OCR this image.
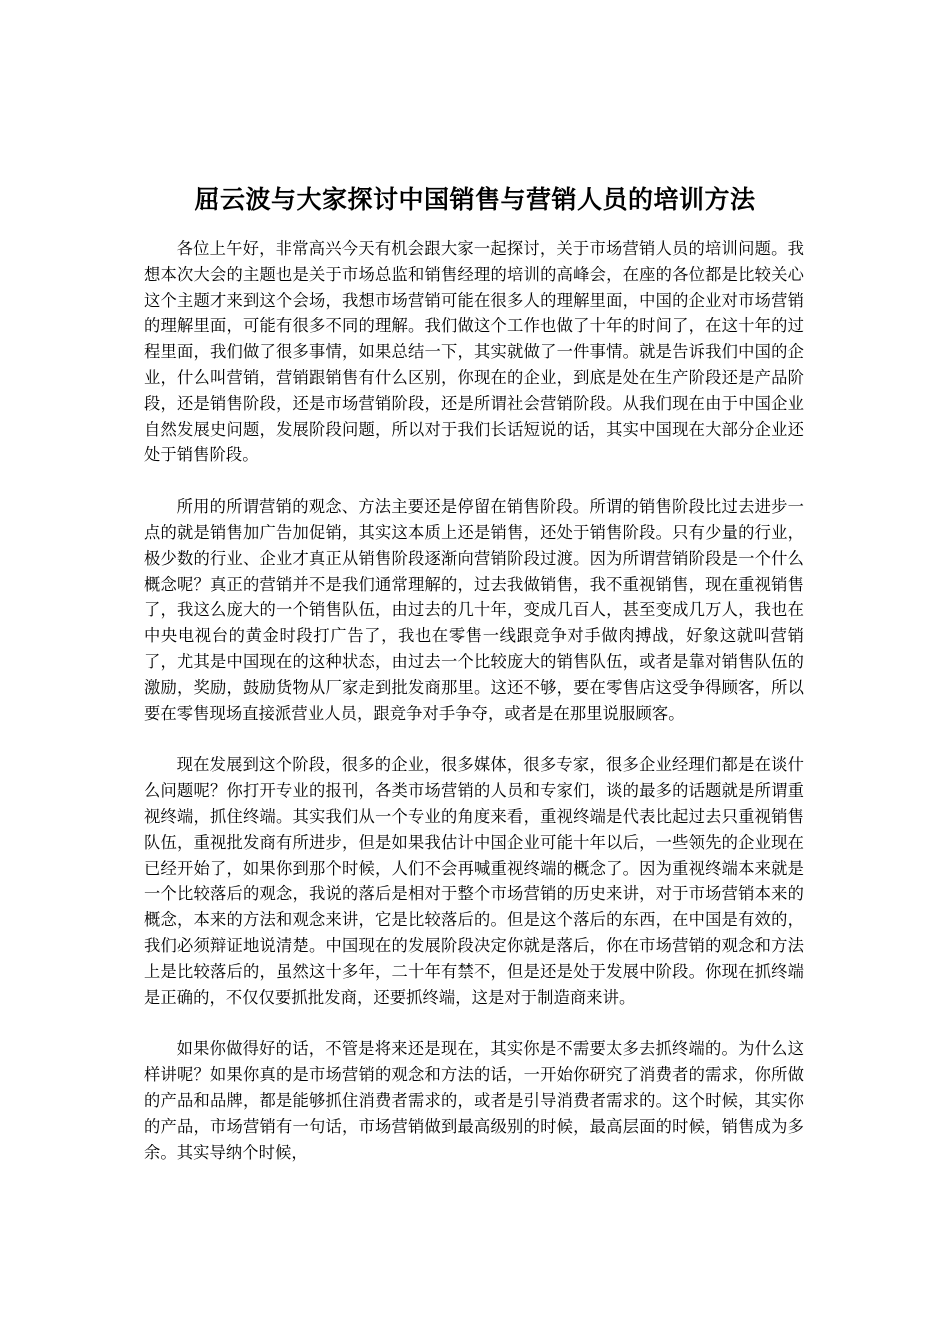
屈云波与大家探讨中国销售与营销人员的培训方法

各位上午好，非常高兴今天有机会跟大家一起探讨，关于市场营销人员的培训问题。我想本次大会的主题也是关于市场总监和销售经理的培训的高峰会，在座的各位都是比较关心这个主题才来到这个会场，我想市场营销可能在很多人的理解里面，中国的企业对市场营销的理解里面，可能有很多不同的理解。我们做这个工作也做了十年的时间了，在这十年的过程里面，我们做了很多事情，如果总结一下，其实就做了一件事情。就是告诉我们中国的企业，什么叫营销，营销跟销售有什么区别，你现在的企业，到底是处在生产阶段还是产品阶段，还是销售阶段，还是市场营销阶段，还是所谓社会营销阶段。从我们现在由于中国企业自然发展史问题，发展阶段问题，所以对于我们长话短说的话，其实中国现在大部分企业还处于销售阶段。

所用的所谓营销的观念、方法主要还是停留在销售阶段。所谓的销售阶段比过去进步一点的就是销售加广告加促销，其实这本质上还是销售，还处于销售阶段。只有少量的行业，极少数的行业、企业才真正从销售阶段逐渐向营销阶段过渡。因为所谓营销阶段是一个什么概念呢？真正的营销并不是我们通常理解的，过去我做销售，我不重视销售，现在重视销售了，我这么庞大的一个销售队伍，由过去的几十年，变成几百人，甚至变成几万人，我也在中央电视台的黄金时段打广告了，我也在零售一线跟竞争对手做肉搏战，好象这就叫营销了，尤其是中国现在的这种状态，由过去一个比较庞大的销售队伍，或者是靠对销售队伍的激励，奖励，鼓励货物从厂家走到批发商那里。这还不够，要在零售店这受争得顾客，所以要在零售现场直接派营业人员，跟竞争对手争夺，或者是在那里说服顾客。

现在发展到这个阶段，很多的企业，很多媒体，很多专家，很多企业经理们都是在谈什么问题呢？你打开专业的报刊，各类市场营销的人员和专家们，谈的最多的话题就是所谓重视终端，抓住终端。其实我们从一个专业的角度来看，重视终端是代表比起过去只重视销售队伍，重视批发商有所进步，但是如果我估计中国企业可能十年以后，一些领先的企业现在已经开始了，如果你到那个时候，人们不会再喊重视终端的概念了。因为重视终端本来就是一个比较落后的观念，我说的落后是相对于整个市场营销的历史来讲，对于市场营销本来的概念，本来的方法和观念来讲，它是比较落后的。但是这个落后的东西，在中国是有效的，我们必须辩证地说清楚。中国现在的发展阶段决定你就是落后，你在市场营销的观念和方法上是比较落后的，虽然这十多年，二十年有禁不，但是还是处于发展中阶段。你现在抓终端是正确的，不仅仅要抓批发商，还要抓终端，这是对于制造商来讲。

如果你做得好的话，不管是将来还是现在，其实你是不需要太多去抓终端的。为什么这样讲呢？如果你真的是市场营销的观念和方法的话，一开始你研究了消费者的需求，你所做的产品和品牌，都是能够抓住消费者需求的，或者是引导消费者需求的。这个时候，其实你的产品，市场营销有一句话，市场营销做到最高级别的时候，最高层面的时候，销售成为多余。其实导纳个时候，
